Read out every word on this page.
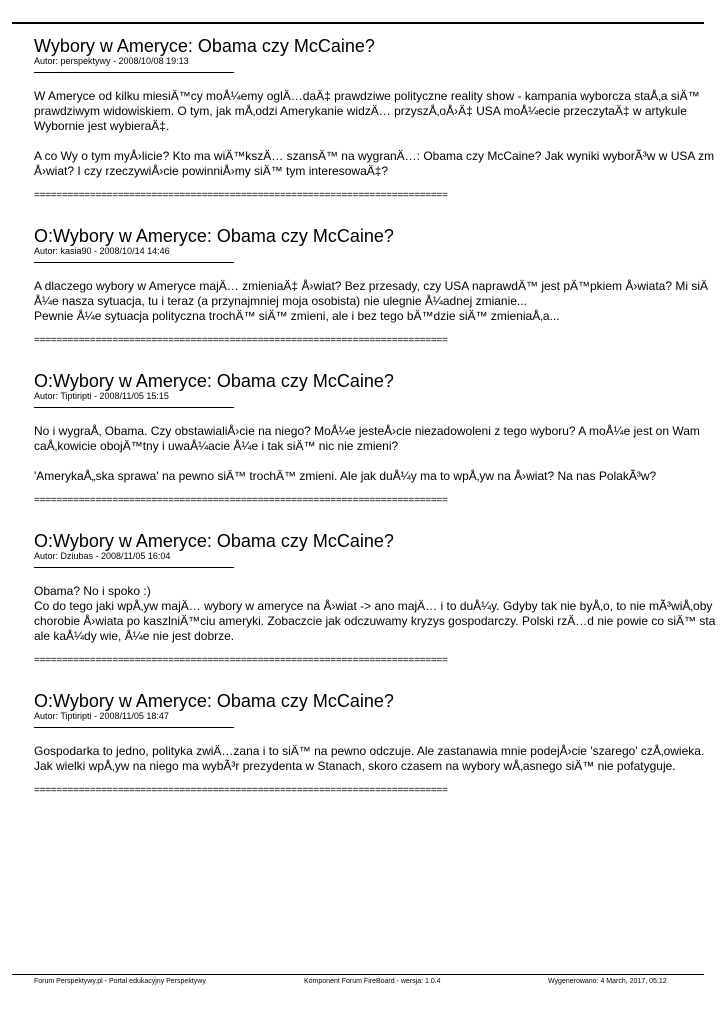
Wybory w Ameryce: Obama czy McCaine?
Autor: perspektywy - 2008/10/08 19:13
W Ameryce od kilku miesiÄ™cy moÅ¼emy oglÄ…daÄ‡ prawdziwe polityczne reality show - kampania wyborcza staÅ‚a siÄ™
prawdziwym widowiskiem. O tym, jak mÅ‚odzi Amerykanie widzÄ… przyszÅ‚oÅ›Ä‡ USA moÅ¼ecie przeczytaÄ‡ w artykule
Wybornie jest wybieraÄ‡.
A co Wy o tym myÅ›licie? Kto ma wiÄ™kszÄ… szansÄ™ na wygranÄ…: Obama czy McCaine? Jak wyniki wyborÃ³w w USA zm
Å›wiat? I czy rzeczywiÅ›cie powinniÅ›my siÄ™ tym interesowaÄ‡?
==========================================================================
O:Wybory w Ameryce: Obama czy McCaine?
Autor: kasia90 - 2008/10/14 14:46
A dlaczego wybory w Ameryce majÄ… zmieniaÄ‡ Å›wiat? Bez przesady, czy USA naprawdÄ™ jest pÄ™pkiem Å›wiata? Mi siÄ
Å¼e nasza sytuacja, tu i teraz (a przynajmniej moja osobista) nie ulegnie Å¼adnej zmianie...
Pewnie Å¼e sytuacja polityczna trochÄ™ siÄ™ zmieni, ale i bez tego bÄ™dzie siÄ™ zmieniaÅ‚a...
==========================================================================
O:Wybory w Ameryce: Obama czy McCaine?
Autor: Tiptiripti - 2008/11/05 15:15
No i wygraÅ‚ Obama. Czy obstawialiÅ›cie na niego? MoÅ¼e jesteÅ›cie niezadowoleni z tego wyboru? A moÅ¼e jest on Wam
caÅ‚kowicie obojÄ™tny i uwaÅ¼acie Å¼e i tak siÄ™ nic nie zmieni?
'AmerykaÅ„ska sprawa' na pewno siÄ™ trochÄ™ zmieni. Ale jak duÅ¼y ma to wpÅ‚yw na Å›wiat? Na nas PolakÃ³w?
==========================================================================
O:Wybory w Ameryce: Obama czy McCaine?
Autor: Dziubas - 2008/11/05 16:04
Obama? No i spoko :)
Co do tego jaki wpÅ‚yw majÄ… wybory w ameryce na Å›wiat -> ano majÄ… i to duÅ¼y. Gdyby tak nie byÅ‚o, to nie mÃ³wiÅ‚oby
chorobie Å›wiata po kaszlniÄ™ciu ameryki. Zobaczcie jak odczuwamy kryzys gospodarczy. Polski rzÄ…d nie powie co siÄ™ sta
ale kaÅ¼dy wie, Å¼e nie jest dobrze.
==========================================================================
O:Wybory w Ameryce: Obama czy McCaine?
Autor: Tiptiripti - 2008/11/05 18:47
Gospodarka to jedno, polityka zwiÄ…zana i to siÄ™ na pewno odczuje. Ale zastanawia mnie podejÅ›cie 'szarego' czÅ‚owieka.
Jak wielki wpÅ‚yw na niego ma wybÃ³r prezydenta w Stanach, skoro czasem na wybory wÅ‚asnego siÄ™ nie pofatyguje.
==========================================================================
Forum Perspektywy.pl - Portal edukacyjny Perspektywy	Komponent Forum FireBoard - wersja: 1.0.4	Wygenerowano: 4 March, 2017, 05:12
